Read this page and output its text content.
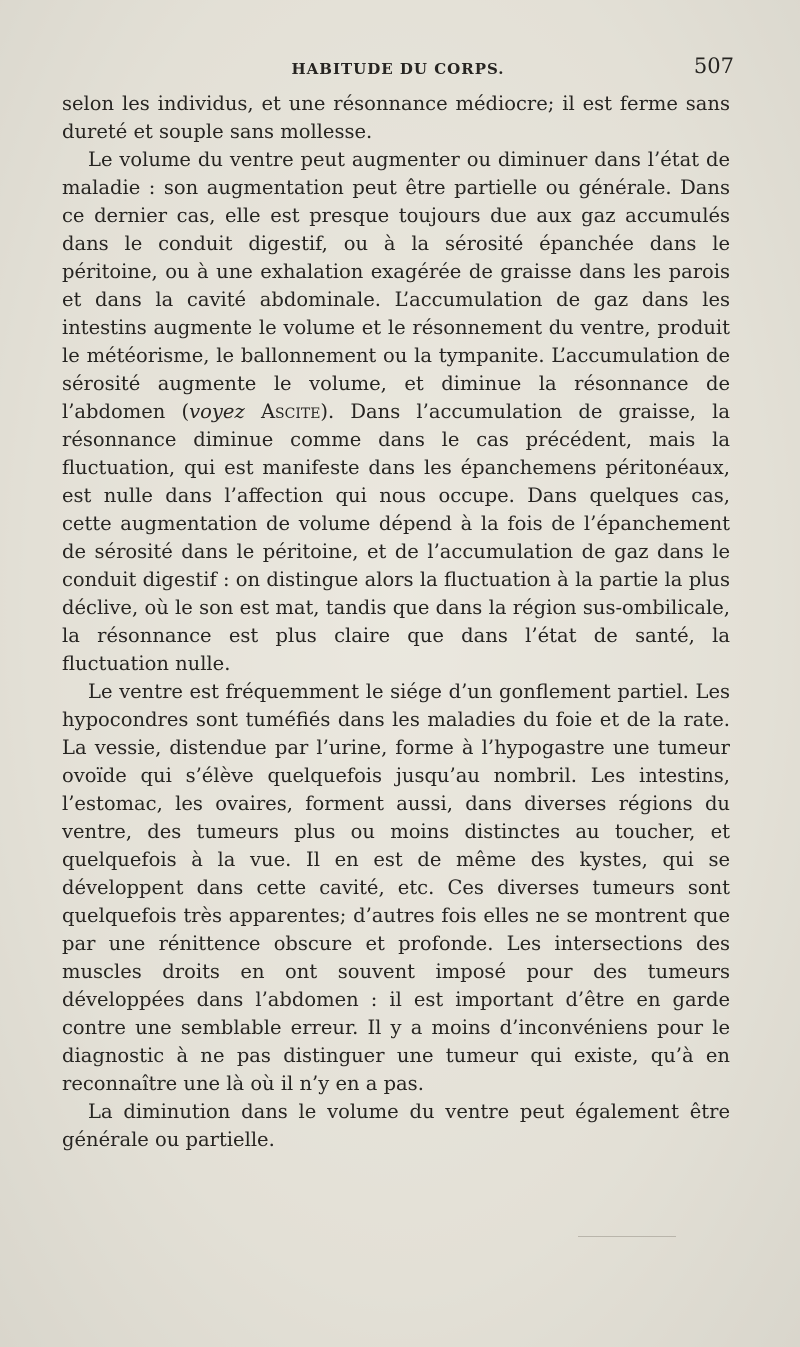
HABITUDE DU CORPS.	507

selon les individus, et une résonnance médiocre; il est ferme sans dureté et souple sans mollesse.

Le volume du ventre peut augmenter ou diminuer dans l’état de maladie : son augmentation peut être partielle ou générale. Dans ce dernier cas, elle est presque toujours due aux gaz accumulés dans le conduit digestif, ou à la sérosité épanchée dans le péritoine, ou à une exhalation exagérée de graisse dans les parois et dans la cavité abdominale. L’accumulation de gaz dans les intestins augmente le volume et le résonnement du ventre, produit le météorisme, le ballonnement ou la tympanite. L’accumulation de sérosité augmente le volume, et diminue la résonnance de l’abdomen (voyez Ascite). Dans l’accumulation de graisse, la résonnance diminue comme dans le cas précédent, mais la fluctuation, qui est manifeste dans les épanchemens péritonéaux, est nulle dans l’affection qui nous occupe. Dans quelques cas, cette augmentation de volume dépend à la fois de l’épanchement de sérosité dans le péritoine, et de l’accumulation de gaz dans le conduit digestif : on distingue alors la fluctuation à la partie la plus déclive, où le son est mat, tandis que dans la région sus-ombilicale, la résonnance est plus claire que dans l’état de santé, la fluctuation nulle.

Le ventre est fréquemment le siége d’un gonflement partiel. Les hypocondres sont tuméfiés dans les maladies du foie et de la rate. La vessie, distendue par l’urine, forme à l’hypogastre une tumeur ovoïde qui s’élève quelquefois jusqu’au nombril. Les intestins, l’estomac, les ovaires, forment aussi, dans diverses régions du ventre, des tumeurs plus ou moins distinctes au toucher, et quelquefois à la vue. Il en est de même des kystes, qui se développent dans cette cavité, etc. Ces diverses tumeurs sont quelquefois très apparentes; d’autres fois elles ne se montrent que par une rénittence obscure et profonde. Les intersections des muscles droits en ont souvent imposé pour des tumeurs développées dans l’abdomen : il est important d’être en garde contre une semblable erreur. Il y a moins d’inconvéniens pour le diagnostic à ne pas distinguer une tumeur qui existe, qu’à en reconnaître une là où il n’y en a pas.

La diminution dans le volume du ventre peut également être générale ou partielle.
